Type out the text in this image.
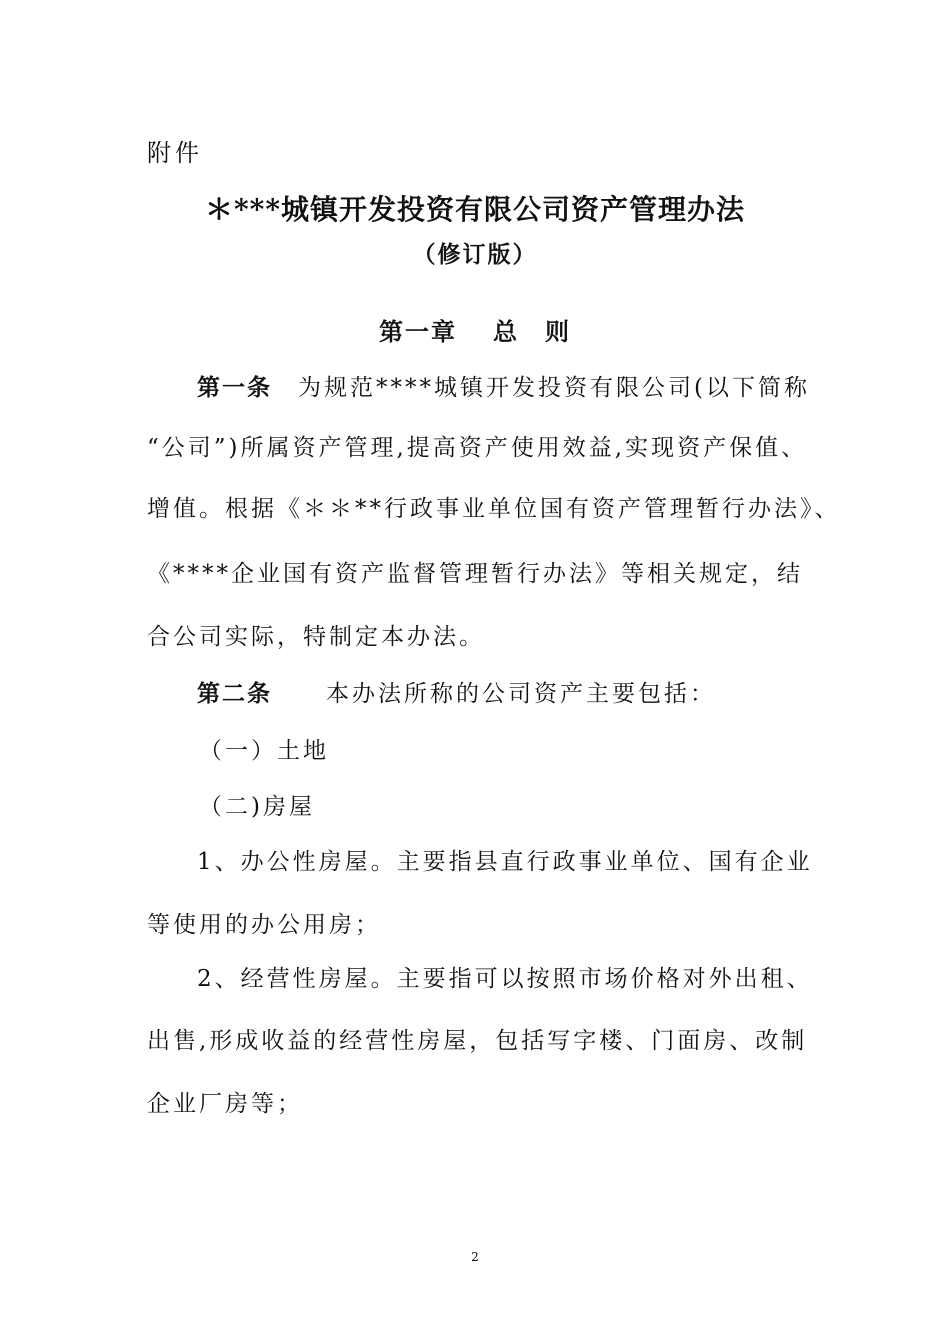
附件
＊***城镇开发投资有限公司资产管理办法
（修订版）
第一章 总　则
第一条 为规范****城镇开发投资有限公司(以下简称
“公司”)所属资产管理,提高资产使用效益,实现资产保值、
增值。根据《＊＊**行政事业单位国有资产管理暂行办法》、
《****企业国有资产监督管理暂行办法》等相关规定，结
合公司实际，特制定本办法。
第二条 本办法所称的公司资产主要包括：
（一）土地
（二)房屋
1、办公性房屋。主要指县直行政事业单位、国有企业
等使用的办公用房；
2、经营性房屋。主要指可以按照市场价格对外出租、
出售,形成收益的经营性房屋，包括写字楼、门面房、改制
企业厂房等；
2
